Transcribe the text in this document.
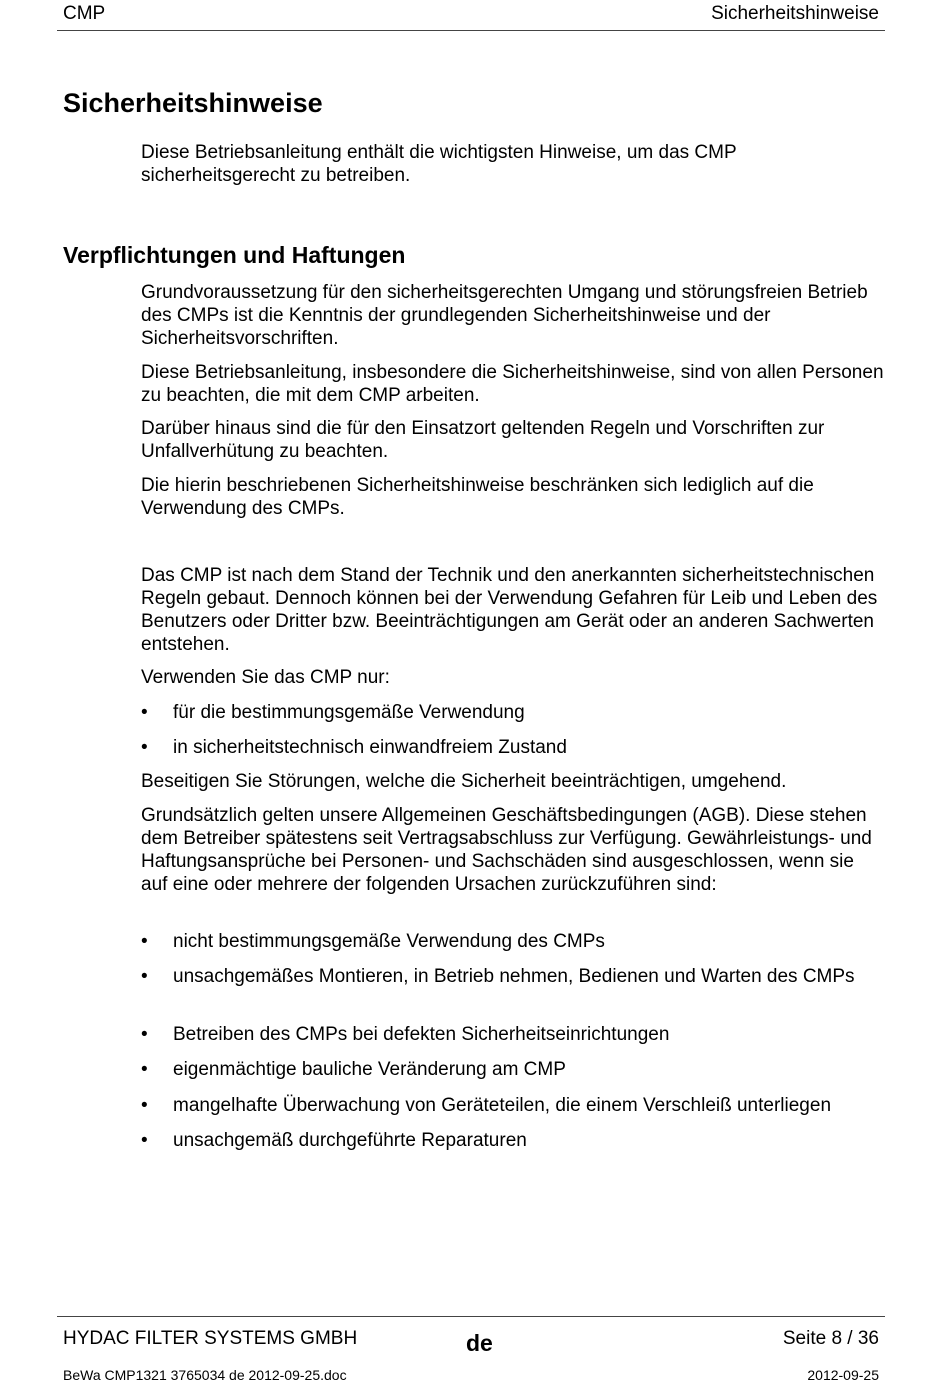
CMP	Sicherheitshinweise
Sicherheitshinweise

Diese Betriebsanleitung enthält die wichtigsten Hinweise, um das CMP sicherheitsgerecht zu betreiben.

Verpflichtungen und Haftungen

Grundvoraussetzung für den sicherheitsgerechten Umgang und störungsfreien Betrieb des CMPs ist die Kenntnis der grundlegenden Sicherheitshinweise und der Sicherheitsvorschriften.

Diese Betriebsanleitung, insbesondere die Sicherheitshinweise, sind von allen Personen zu beachten, die mit dem CMP arbeiten.

Darüber hinaus sind die für den Einsatzort geltenden Regeln und Vorschriften zur Unfallverhütung zu beachten.

Die hierin beschriebenen Sicherheitshinweise beschränken sich lediglich auf die Verwendung des CMPs.

Das CMP ist nach dem Stand der Technik und den anerkannten sicherheitstechnischen Regeln gebaut. Dennoch können bei der Verwendung Gefahren für Leib und Leben des Benutzers oder Dritter bzw. Beeinträchtigungen am Gerät oder an anderen Sachwerten entstehen.

Verwenden Sie das CMP nur:

•	für die bestimmungsgemäße Verwendung
•	in sicherheitstechnisch einwandfreiem Zustand

Beseitigen Sie Störungen, welche die Sicherheit beeinträchtigen, umgehend.

Grundsätzlich gelten unsere Allgemeinen Geschäftsbedingungen (AGB). Diese stehen dem Betreiber spätestens seit Vertragsabschluss zur Verfügung. Gewährleistungs- und Haftungsansprüche bei Personen- und Sachschäden sind ausgeschlossen, wenn sie auf eine oder mehrere der folgenden Ursachen zurückzuführen sind:

•	nicht bestimmungsgemäße Verwendung des CMPs
•	unsachgemäßes Montieren, in Betrieb nehmen, Bedienen und Warten des CMPs
•	Betreiben des CMPs bei defekten Sicherheitseinrichtungen
•	eigenmächtige bauliche Veränderung am CMP
•	mangelhafte Überwachung von Geräteteilen, die einem Verschleiß unterliegen
•	unsachgemäß durchgeführte Reparaturen
HYDAC FILTER SYSTEMS GMBH	de	Seite 8 / 36
BeWa CMP1321 3765034 de 2012-09-25.doc	2012-09-25
